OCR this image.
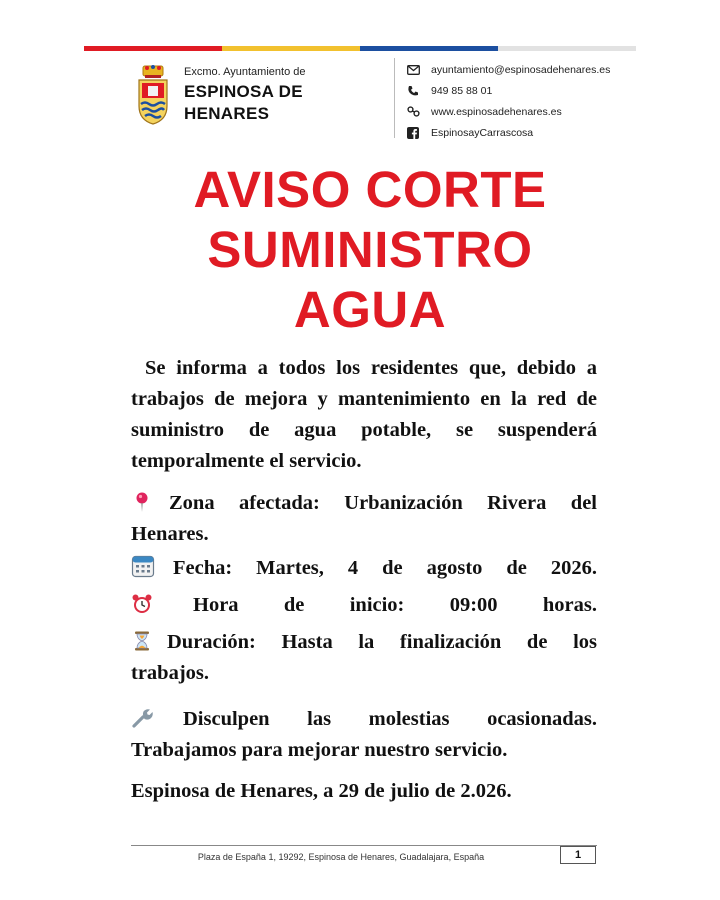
Excmo. Ayuntamiento de
ESPINOSA DE
HENARES
ayuntamiento@espinosadehenares.es
949 85 88 01
www.espinosadehenares.es
EspinosayCarrascosa
AVISO CORTE
SUMINISTRO
AGUA
Se informa a todos los residentes que, debido a
trabajos de mejora y mantenimiento en la red de
suministro de agua potable, se suspenderá
temporalmente el servicio.
Zona afectada: Urbanización Rivera del
Henares.
Fecha: Martes, 4 de agosto de 2026.
Hora de inicio: 09:00 horas.
Duración: Hasta la finalización de los
trabajos.
Disculpen las molestias ocasionadas.
Trabajamos para mejorar nuestro servicio.
Espinosa de Henares, a 29 de julio de 2.026.
Plaza de España 1, 19292, Espinosa de Henares, Guadalajara, España	1
